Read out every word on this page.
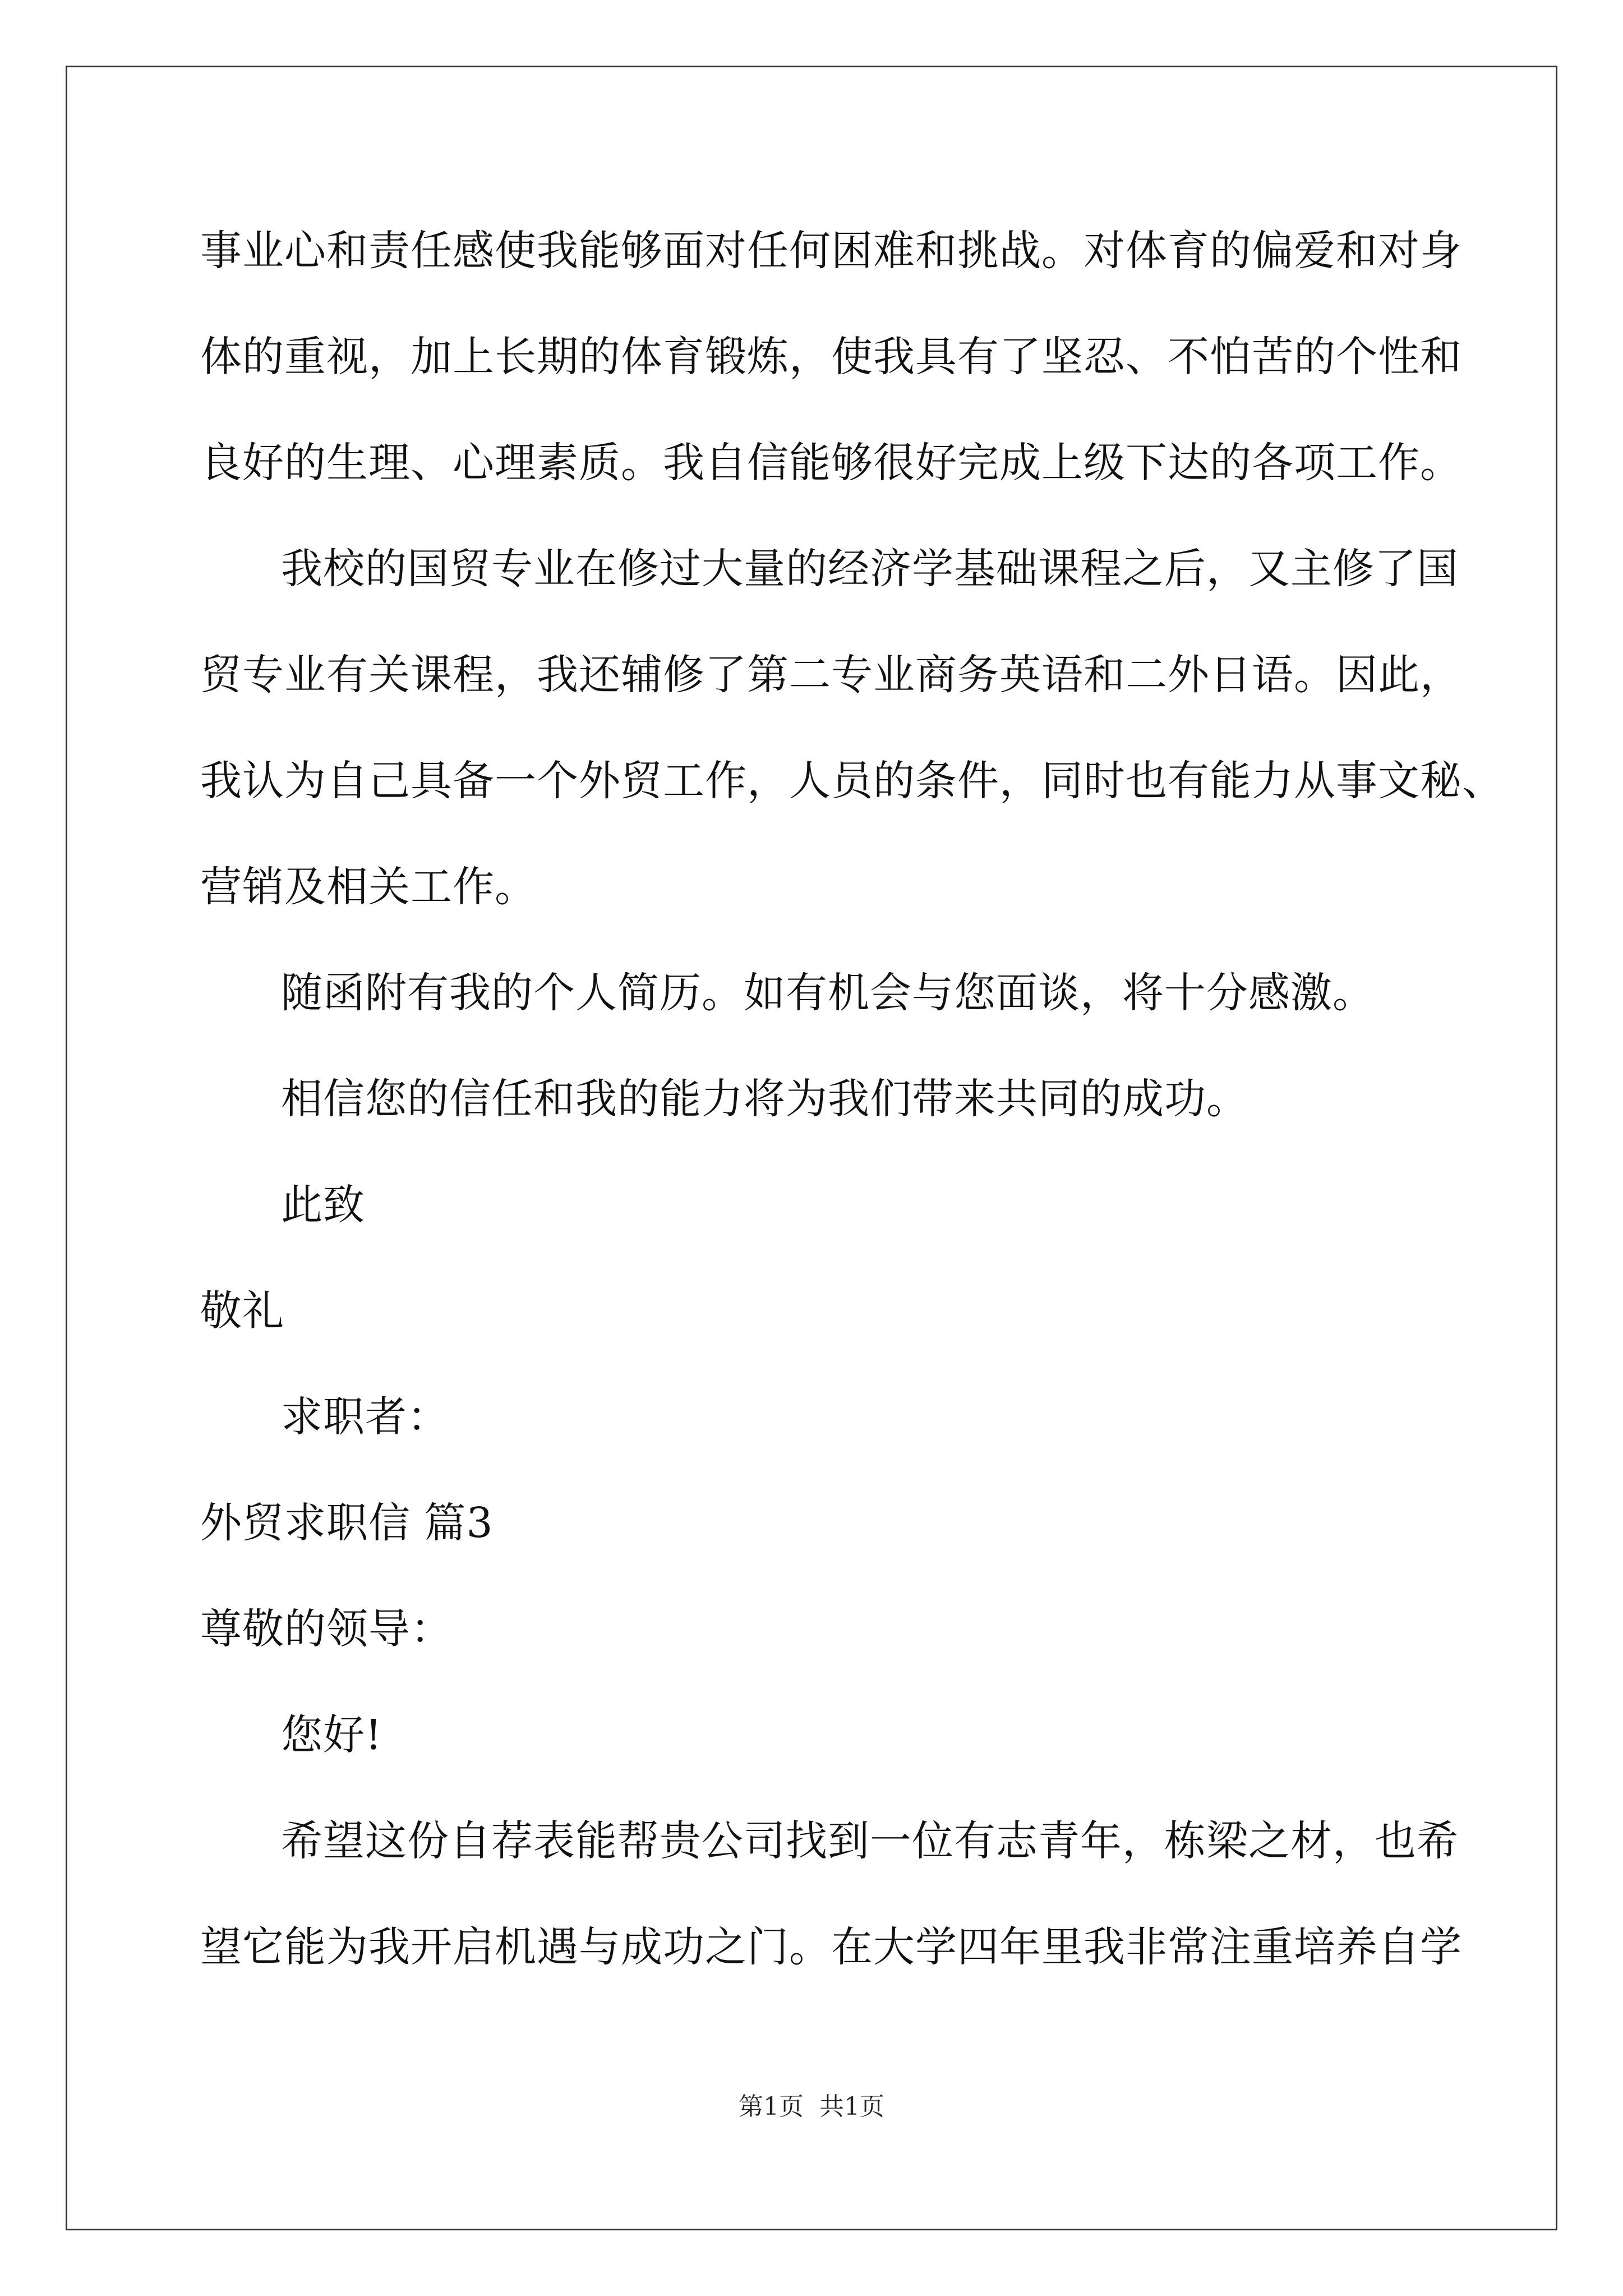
事业心和责任感使我能够面对任何困难和挑战。对体育的偏爱和对身
体的重视，加上长期的体育锻炼，使我具有了坚忍、不怕苦的个性和
良好的生理、心理素质。我自信能够很好完成上级下达的各项工作。
我校的国贸专业在修过大量的经济学基础课程之后，又主修了国
贸专业有关课程，我还辅修了第二专业商务英语和二外日语。因此，
我认为自己具备一个外贸工作，人员的条件，同时也有能力从事文秘、
营销及相关工作。
随函附有我的个人简历。如有机会与您面谈，将十分感激。
相信您的信任和我的能力将为我们带来共同的成功。
此致
敬礼
求职者：
外贸求职信 篇3
尊敬的领导：
您好!
希望这份自荐表能帮贵公司找到一位有志青年，栋梁之材，也希
望它能为我开启机遇与成功之门。在大学四年里我非常注重培养自学
第1页  共1页
